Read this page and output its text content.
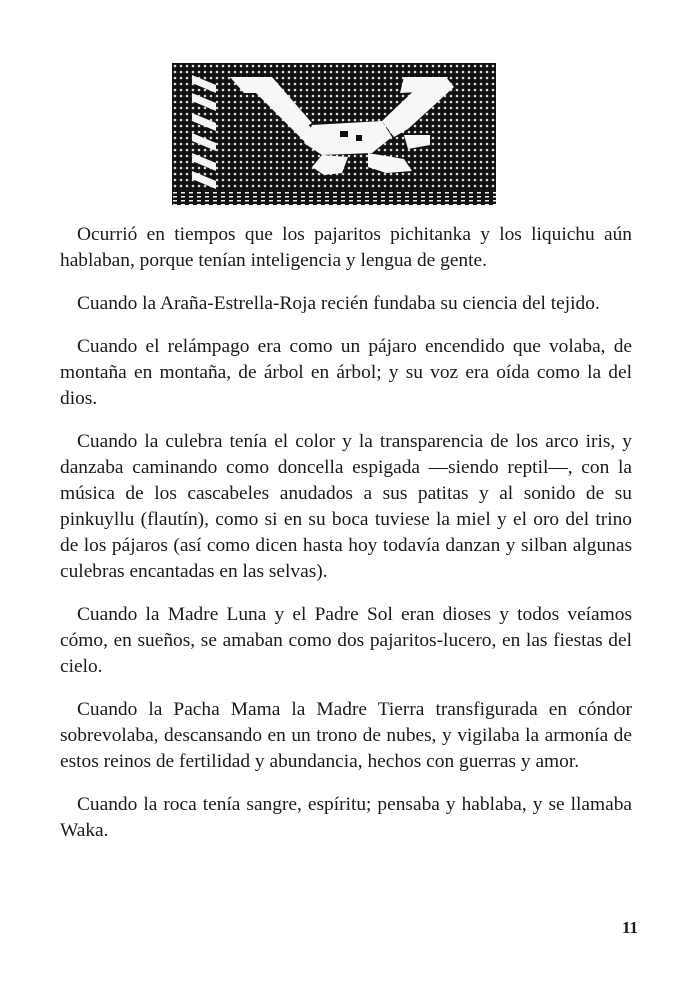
Ocurrió en tiempos que los pajaritos pichitanka y los liquichu aún hablaban, porque tenían inteligencia y lengua de gente.

Cuando la Araña-Estrella-Roja recién fundaba su ciencia del tejido.

Cuando el relámpago era como un pájaro encendido que volaba, de montaña en montaña, de árbol en árbol; y su voz era oída como la del dios.

Cuando la culebra tenía el color y la transparencia de los arco iris, y danzaba caminando como doncella espigada —siendo reptil—, con la música de los cascabeles anudados a sus patitas y al sonido de su pinkuyllu (flautín), como si en su boca tuviese la miel y el oro del trino de los pájaros (así como dicen hasta hoy todavía danzan y silban algunas culebras encantadas en las selvas).

Cuando la Madre Luna y el Padre Sol eran dioses y todos veíamos cómo, en sueños, se amaban como dos pajaritos-lucero, en las fiestas del cielo.

Cuando la Pacha Mama la Madre Tierra transfigurada en cóndor sobrevolaba, descansando en un trono de nubes, y vigilaba la armonía de estos reinos de fertilidad y abundancia, hechos con guerras y amor.

Cuando la roca tenía sangre, espíritu; pensaba y hablaba, y se llamaba Waka.

11
